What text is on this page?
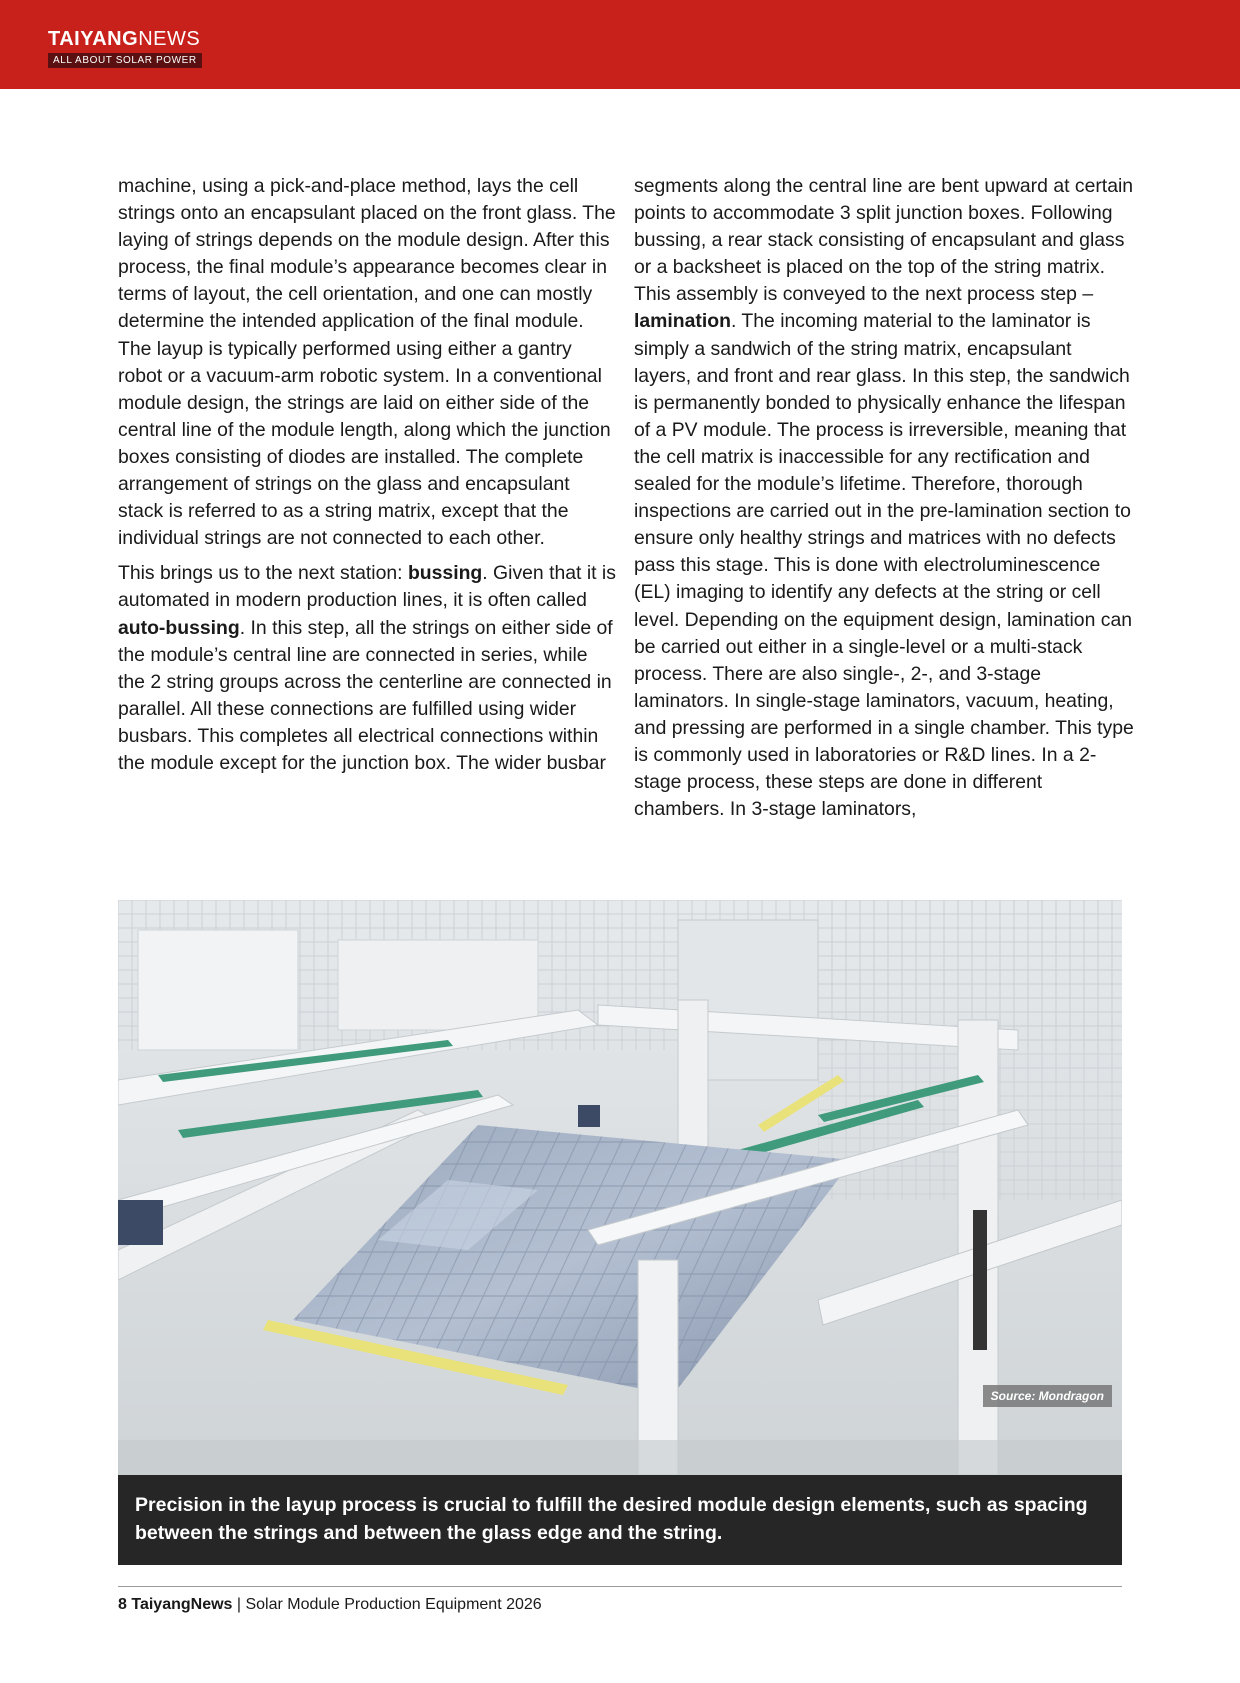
TAIYANGNEWS
ALL ABOUT SOLAR POWER

machine, using a pick-and-place method, lays the cell strings onto an encapsulant placed on the front glass. The laying of strings depends on the module design. After this process, the final module’s appearance becomes clear in terms of layout, the cell orientation, and one can mostly determine the intended application of the final module. The layup is typically performed using either a gantry robot or a vacuum-arm robotic system. In a conventional module design, the strings are laid on either side of the central line of the module length, along which the junction boxes consisting of diodes are installed. The complete arrangement of strings on the glass and encapsulant stack is referred to as a string matrix, except that the individual strings are not connected to each other.

This brings us to the next station: bussing. Given that it is automated in modern production lines, it is often called auto-bussing. In this step, all the strings on either side of the module’s central line are connected in series, while the 2 string groups across the centerline are connected in parallel. All these connections are fulfilled using wider busbars. This completes all electrical connections within the module except for the junction box. The wider busbar

segments along the central line are bent upward at certain points to accommodate 3 split junction boxes. Following bussing, a rear stack consisting of encapsulant and glass or a backsheet is placed on the top of the string matrix. This assembly is conveyed to the next process step – lamination. The incoming material to the laminator is simply a sandwich of the string matrix, encapsulant layers, and front and rear glass. In this step, the sandwich is permanently bonded to physically enhance the lifespan of a PV module. The process is irreversible, meaning that the cell matrix is inaccessible for any rectification and sealed for the module’s lifetime. Therefore, thorough inspections are carried out in the pre-lamination section to ensure only healthy strings and matrices with no defects pass this stage. This is done with electroluminescence (EL) imaging to identify any defects at the string or cell level. Depending on the equipment design, lamination can be carried out either in a single-level or a multi-stack process. There are also single-, 2-, and 3-stage laminators. In single-stage laminators, vacuum, heating, and pressing are performed in a single chamber. This type is commonly used in laboratories or R&D lines. In a 2-stage process, these steps are done in different chambers. In 3-stage laminators,

Source: Mondragon
Precision in the layup process is crucial to fulfill the desired module design elements, such as spacing between the strings and between the glass edge and the string.
8 TaiyangNews | Solar Module Production Equipment 2026
